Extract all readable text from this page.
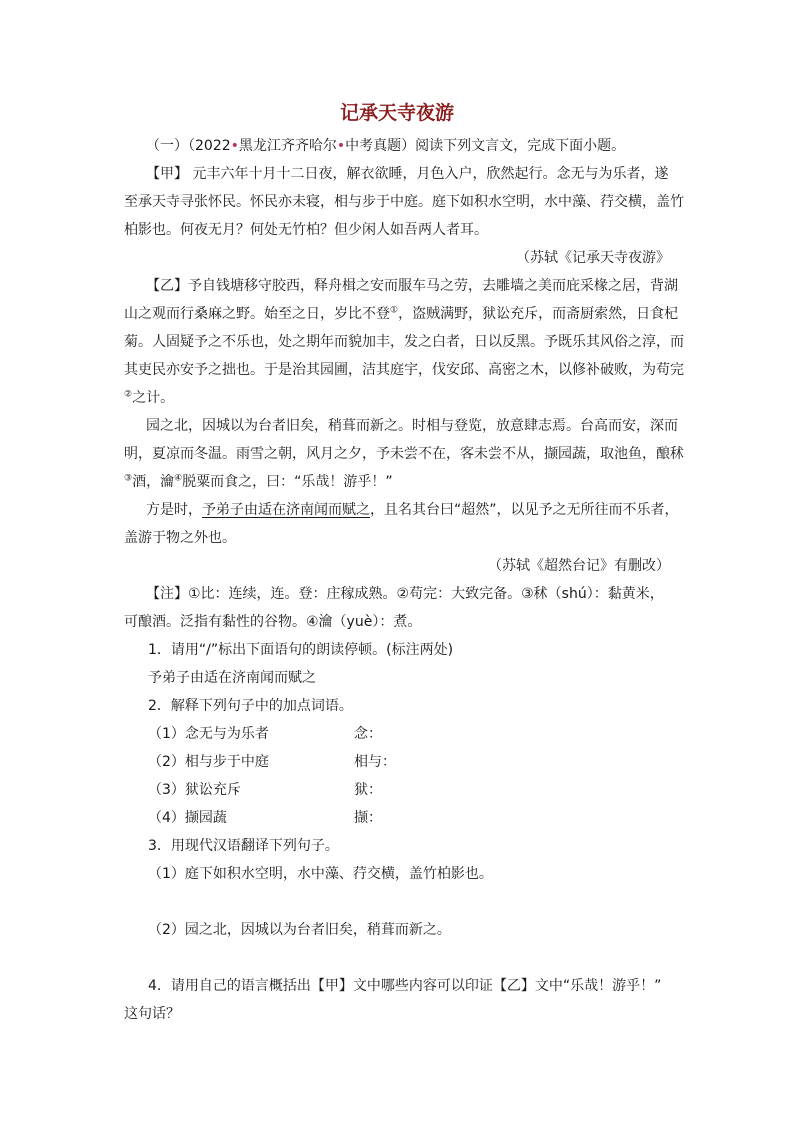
记承天寺夜游
（一）（2022•黑龙江齐齐哈尔•中考真题）阅读下列文言文，完成下面小题。
【甲】 元丰六年十月十二日夜，解衣欲睡，月色入户，欣然起行。念无与为乐者，遂
至承天寺寻张怀民。怀民亦未寝，相与步于中庭。庭下如积水空明，水中藻、荇交横，盖竹
柏影也。何夜无月？何处无竹柏？但少闲人如吾两人者耳。
（苏轼《记承天寺夜游》
【乙】予自钱塘移守胶西，释舟楫之安而服车马之劳，去雕墙之美而庇采椽之居，背湖
山之观而行桑麻之野。始至之日，岁比不登①，盗贼满野，狱讼充斥，而斋厨索然，日食杞
菊。人固疑予之不乐也，处之期年而貌加丰，发之白者，日以反黑。予既乐其风俗之淳，而
其吏民亦安予之拙也。于是治其园圃，洁其庭宇，伐安邱、高密之木，以修补破败，为苟完
②之计。
园之北，因城以为台者旧矣，稍葺而新之。时相与登览，放意肆志焉。台高而安，深而
明，夏凉而冬温。雨雪之朝，风月之夕，予未尝不在，客未尝不从，撷园蔬，取池鱼，酿秫
③酒，瀹④脱粟而食之，曰：“乐哉！游乎！”
方是时，予弟子由适在济南闻而赋之，且名其台曰“超然”，以见予之无所往而不乐者，
盖游于物之外也。
（苏轼《超然台记》有删改）
【注】①比：连续，连。登：庄稼成熟。②苟完：大致完备。③秫（shú）：黏黄米，
可酿酒。泛指有黏性的谷物。④瀹（yuè）：煮。
1．请用“/”标出下面语句的朗读停顿。(标注两处)
予弟子由适在济南闻而赋之
2．解释下列句子中的加点词语。
（1）念无与为乐者	念：
（2）相与步于中庭	相与：
（3）狱讼充斥	狱：
（4）撷园蔬	撷：
3．用现代汉语翻译下列句子。
（1）庭下如积水空明，水中藻、荇交横，盖竹柏影也。
（2）园之北，因城以为台者旧矣，稍葺而新之。
4．请用自己的语言概括出【甲】文中哪些内容可以印证【乙】文中“乐哉！游乎！”
这句话？
